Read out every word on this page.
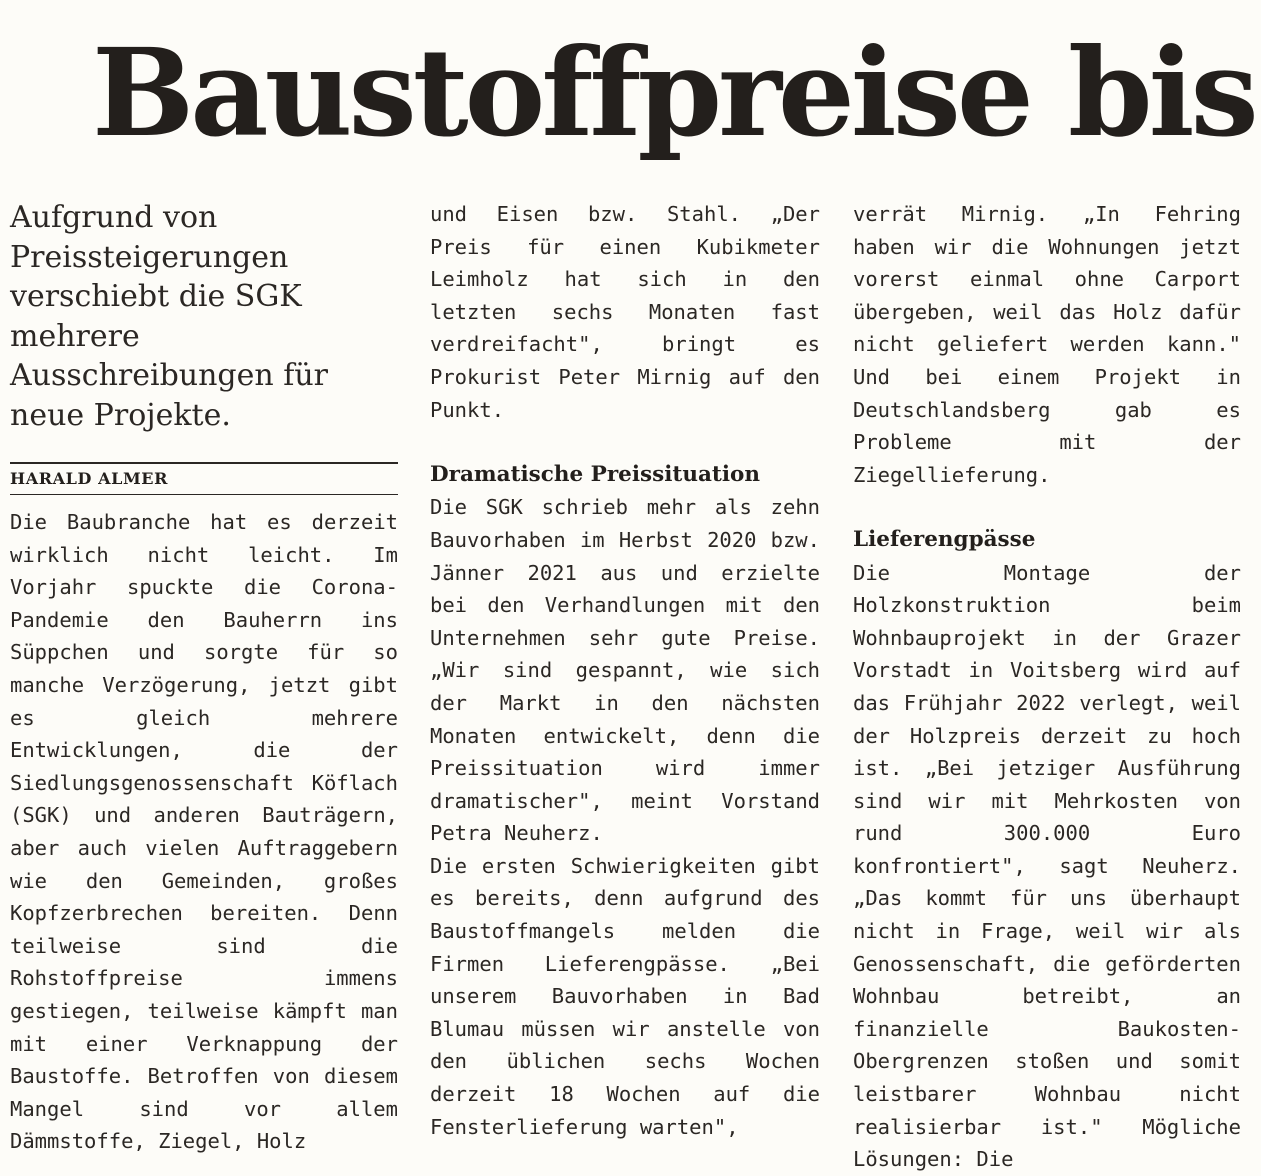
Baustoffpreise bis

Aufgrund von Preissteigerungen verschiebt die SGK mehrere Ausschreibungen für neue Projekte.

HARALD ALMER

Die Baubranche hat es derzeit wirklich nicht leicht. Im Vorjahr spuckte die Corona-Pandemie den Bauherrn ins Süppchen und sorgte für so manche Verzögerung, jetzt gibt es gleich mehrere Entwicklungen, die der Siedlungsgenossenschaft Köflach (SGK) und anderen Bauträgern, aber auch vielen Auftraggebern wie den Gemeinden, großes Kopfzerbrechen bereiten. Denn teilweise sind die Rohstoffpreise immens gestiegen, teilweise kämpft man mit einer Verknappung der Baustoffe. Betroffen von diesem Mangel sind vor allem Dämmstoffe, Ziegel, Holz

und Eisen bzw. Stahl. „Der Preis für einen Kubikmeter Leimholz hat sich in den letzten sechs Monaten fast verdreifacht", bringt es Prokurist Peter Mirnig auf den Punkt.

Dramatische Preissituation

Die SGK schrieb mehr als zehn Bauvorhaben im Herbst 2020 bzw. Jänner 2021 aus und erzielte bei den Verhandlungen mit den Unternehmen sehr gute Preise. „Wir sind gespannt, wie sich der Markt in den nächsten Monaten entwickelt, denn die Preissituation wird immer dramatischer", meint Vorstand Petra Neuherz.

Die ersten Schwierigkeiten gibt es bereits, denn aufgrund des Baustoffmangels melden die Firmen Lieferengpässe. „Bei unserem Bauvorhaben in Bad Blumau müssen wir anstelle von den üblichen sechs Wochen derzeit 18 Wochen auf die Fensterlieferung warten",

verrät Mirnig. „In Fehring haben wir die Wohnungen jetzt vorerst einmal ohne Carport übergeben, weil das Holz dafür nicht geliefert werden kann." Und bei einem Projekt in Deutschlandsberg gab es Probleme mit der Ziegellieferung.

Lieferengpässe

Die Montage der Holzkonstruktion beim Wohnbauprojekt in der Grazer Vorstadt in Voitsberg wird auf das Frühjahr 2022 verlegt, weil der Holzpreis derzeit zu hoch ist. „Bei jetziger Ausführung sind wir mit Mehrkosten von rund 300.000 Euro konfrontiert", sagt Neuherz. „Das kommt für uns überhaupt nicht in Frage, weil wir als Genossenschaft, die geförderten Wohnbau betreibt, an finanzielle Baukosten-Obergrenzen stoßen und somit leistbarer Wohnbau nicht realisierbar ist." Mögliche Lösungen: Die
